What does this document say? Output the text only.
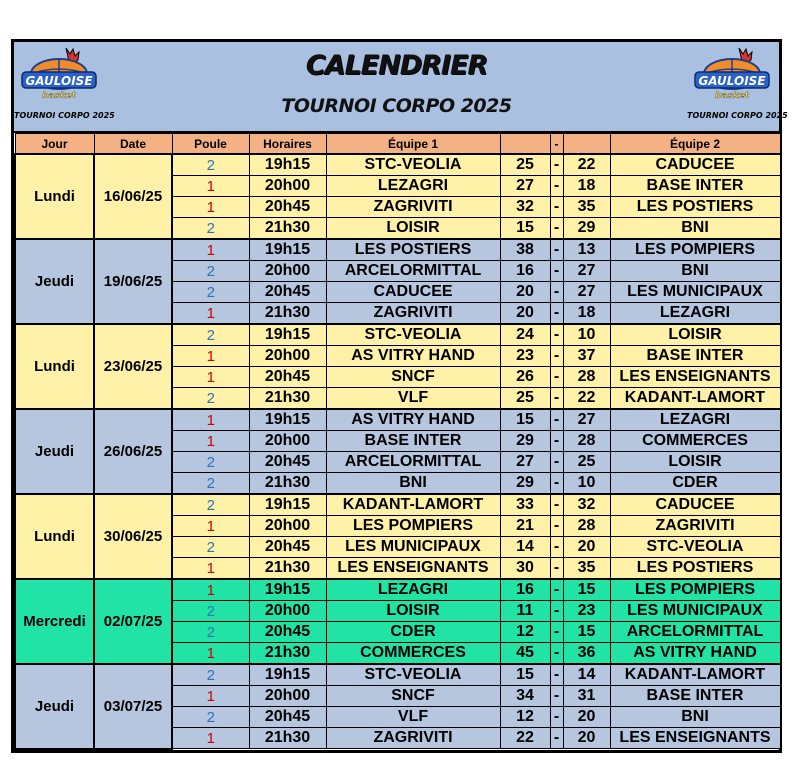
GAULOISE
basket
TOURNOI CORPO 2025
CALENDRIER
TOURNOI CORPO 2025
GAULOISE
basket
TOURNOI CORPO 2025
Jour	Date	Poule	Horaires	Équipe 1		-		Équipe 2
Lundi	16/06/25	2	19h15	STC-VEOLIA	25	-	22	CADUCEE
		1	20h00	LEZAGRI	27	-	18	BASE INTER
		1	20h45	ZAGRIVITI	32	-	35	LES POSTIERS
		2	21h30	LOISIR	15	-	29	BNI
Jeudi	19/06/25	1	19h15	LES POSTIERS	38	-	13	LES POMPIERS
		2	20h00	ARCELORMITTAL	16	-	27	BNI
		2	20h45	CADUCEE	20	-	27	LES MUNICIPAUX
		1	21h30	ZAGRIVITI	20	-	18	LEZAGRI
Lundi	23/06/25	2	19h15	STC-VEOLIA	24	-	10	LOISIR
		1	20h00	AS VITRY HAND	23	-	37	BASE INTER
		1	20h45	SNCF	26	-	28	LES ENSEIGNANTS
		2	21h30	VLF	25	-	22	KADANT-LAMORT
Jeudi	26/06/25	1	19h15	AS VITRY HAND	15	-	27	LEZAGRI
		1	20h00	BASE INTER	29	-	28	COMMERCES
		2	20h45	ARCELORMITTAL	27	-	25	LOISIR
		2	21h30	BNI	29	-	10	CDER
Lundi	30/06/25	2	19h15	KADANT-LAMORT	33	-	32	CADUCEE
		1	20h00	LES POMPIERS	21	-	28	ZAGRIVITI
		2	20h45	LES MUNICIPAUX	14	-	20	STC-VEOLIA
		1	21h30	LES ENSEIGNANTS	30	-	35	LES POSTIERS
Mercredi	02/07/25	1	19h15	LEZAGRI	16	-	15	LES POMPIERS
		2	20h00	LOISIR	11	-	23	LES MUNICIPAUX
		2	20h45	CDER	12	-	15	ARCELORMITTAL
		1	21h30	COMMERCES	45	-	36	AS VITRY HAND
Jeudi	03/07/25	2	19h15	STC-VEOLIA	15	-	14	KADANT-LAMORT
		1	20h00	SNCF	34	-	31	BASE INTER
		2	20h45	VLF	12	-	20	BNI
		1	21h30	ZAGRIVITI	22	-	20	LES ENSEIGNANTS
